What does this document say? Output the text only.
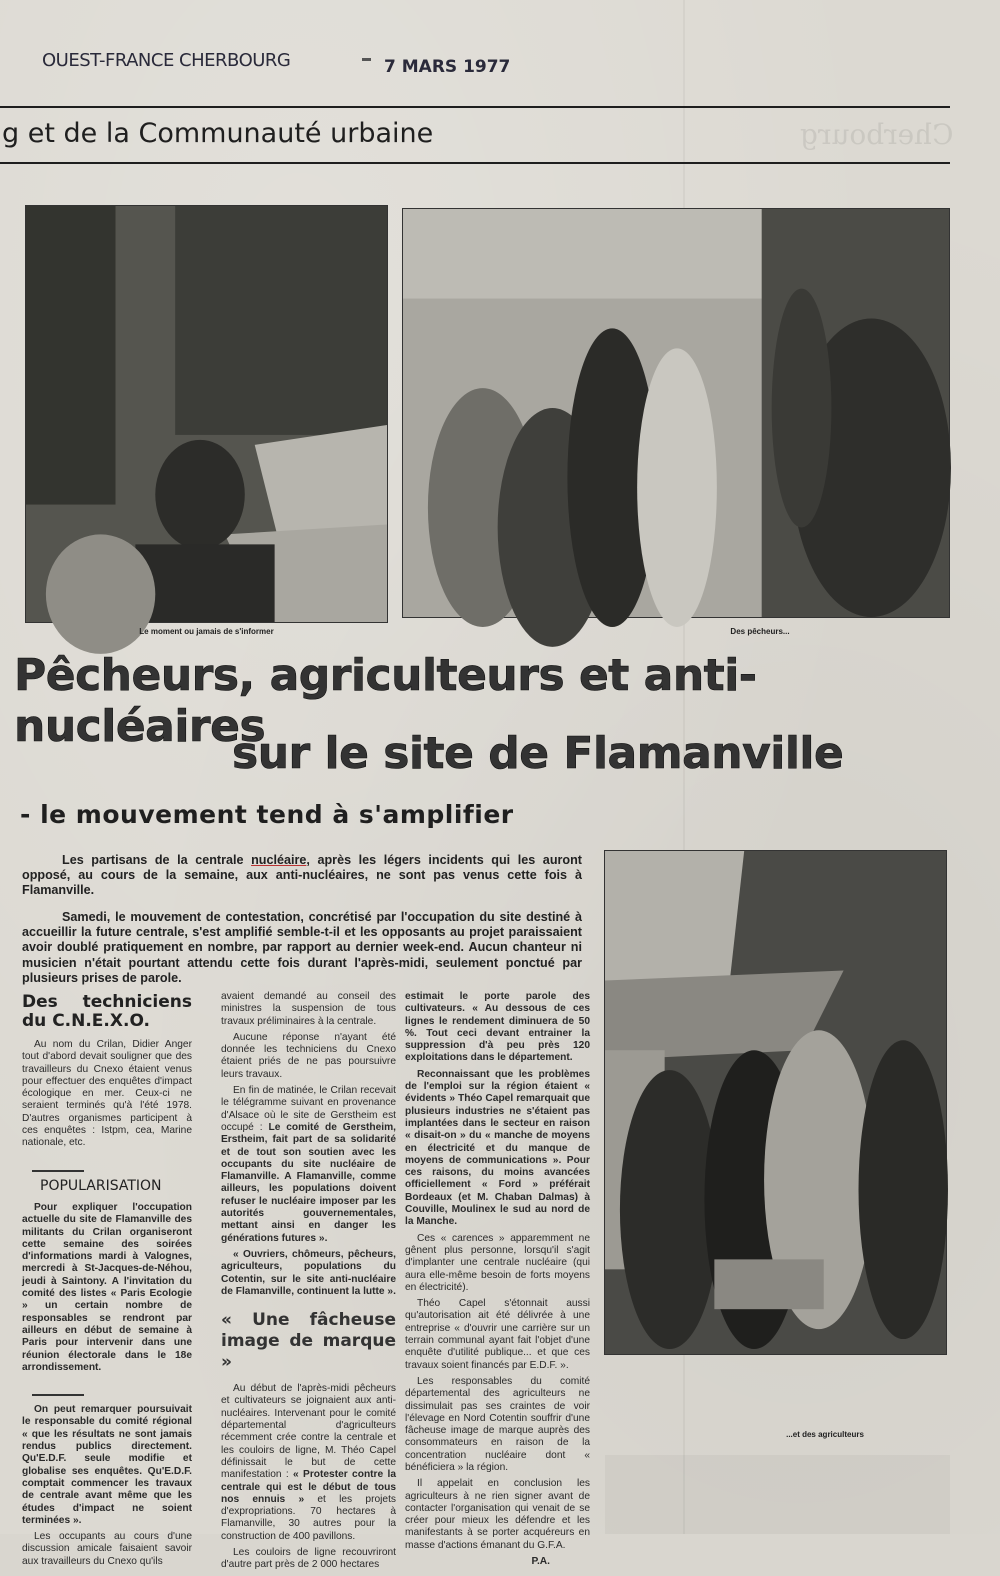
OUEST-FRANCE CHERBOURG	7 MARS 1977
g et de la Communauté urbaine	Cherbourg
Le moment ou jamais de s'informer	Des pêcheurs...
Pêcheurs, agriculteurs et anti-nucléaires
sur le site de Flamanville
- le mouvement tend à s'amplifier

Les partisans de la centrale nucléaire, après les légers incidents qui les auront opposé, au cours de la semaine, aux anti-nucléaires, ne sont pas venus cette fois à Flamanville.

Samedi, le mouvement de contestation, concrétisé par l'occupation du site destiné à accueillir la future centrale, s'est amplifié semble-t-il et les opposants au projet paraissaient avoir doublé pratiquement en nombre, par rapport au dernier week-end. Aucun chanteur ni musicien n'était pourtant attendu cette fois durant l'après-midi, seulement ponctué par plusieurs prises de parole.

...et des agriculteurs
Des techniciens du C.N.E.X.O.

Au nom du Crilan, Didier Anger tout d'abord devait souligner que des travailleurs du Cnexo étaient venus pour effectuer des enquêtes d'impact écologique en mer. Ceux-ci ne seraient terminés qu'à l'été 1978. D'autres organismes participent à ces enquêtes : Istpm, cea, Marine nationale, etc.

POPULARISATION

Pour expliquer l'occupation actuelle du site de Flamanville des militants du Crilan organiseront cette semaine des soirées d'informations mardi à Valognes, mercredi à St-Jacques-de-Néhou, jeudi à Saintony. A l'invitation du comité des listes « Paris Ecologie » un certain nombre de responsables se rendront par ailleurs en début de semaine à Paris pour intervenir dans une réunion électorale dans le 18e arrondissement.

On peut remarquer poursuivait le responsable du comité régional « que les résultats ne sont jamais rendus publics directement. Qu'E.D.F. seule modifie et globalise ses enquêtes. Qu'E.D.F. comptait commencer les travaux de centrale avant même que les études d'impact ne soient terminées ».

Les occupants au cours d'une discussion amicale faisaient savoir aux travailleurs du Cnexo qu'ils

avaient demandé au conseil des ministres la suspension de tous travaux préliminaires à la centrale.

Aucune réponse n'ayant été donnée les techniciens du Cnexo étaient priés de ne pas poursuivre leurs travaux.

En fin de matinée, le Crilan recevait le télégramme suivant en provenance d'Alsace où le site de Gerstheim est occupé : Le comité de Gerstheim, Erstheim, fait part de sa solidarité et de tout son soutien avec les occupants du site nucléaire de Flamanville. A Flamanville, comme ailleurs, les populations doivent refuser le nucléaire imposer par les autorités gouvernementales, mettant ainsi en danger les générations futures ».

« Ouvriers, chômeurs, pêcheurs, agriculteurs, populations du Cotentin, sur le site anti-nucléaire de Flamanville, continuent la lutte ».

« Une fâcheuse image de marque »

Au début de l'après-midi pêcheurs et cultivateurs se joignaient aux anti-nucléaires. Intervenant pour le comité départemental d'agriculteurs récemment crée contre la centrale et les couloirs de ligne, M. Théo Capel définissait le but de cette manifestation : « Protester contre la centrale qui est le début de tous nos ennuis » et les projets d'expropriations. 70 hectares à Flamanville, 30 autres pour la construction de 400 pavillons.

Les couloirs de ligne recouvriront d'autre part près de 2 000 hectares

estimait le porte parole des cultivateurs. « Au dessous de ces lignes le rendement diminuera de 50 %. Tout ceci devant entrainer la suppression d'à peu près 120 exploitations dans le département.

Reconnaissant que les problèmes de l'emploi sur la région étaient « évidents » Théo Capel remarquait que plusieurs industries ne s'étaient pas implantées dans le secteur en raison « disait-on » du « manche de moyens en électricité et du manque de moyens de communications ». Pour ces raisons, du moins avancées officiellement « Ford » préférait Bordeaux (et M. Chaban Dalmas) à Couville, Moulinex le sud au nord de la Manche.

Ces « carences » apparemment ne gênent plus personne, lorsqu'il s'agit d'implanter une centrale nucléaire (qui aura elle-même besoin de forts moyens en électricité).

Théo Capel s'étonnait aussi qu'autorisation ait été délivrée à une entreprise « d'ouvrir une carrière sur un terrain communal ayant fait l'objet d'une enquête d'utilité publique... et que ces travaux soient financés par E.D.F. ».

Les responsables du comité départemental des agriculteurs ne dissimulait pas ses craintes de voir l'élevage en Nord Cotentin souffrir d'une fâcheuse image de marque auprès des consommateurs en raison de la concentration nucléaire dont « bénéficiera » la région.

Il appelait en conclusion les agriculteurs à ne rien signer avant de contacter l'organisation qui venait de se créer pour mieux les défendre et les manifestants à se porter acquéreurs en masse d'actions émanant du G.F.A.

P.A.
